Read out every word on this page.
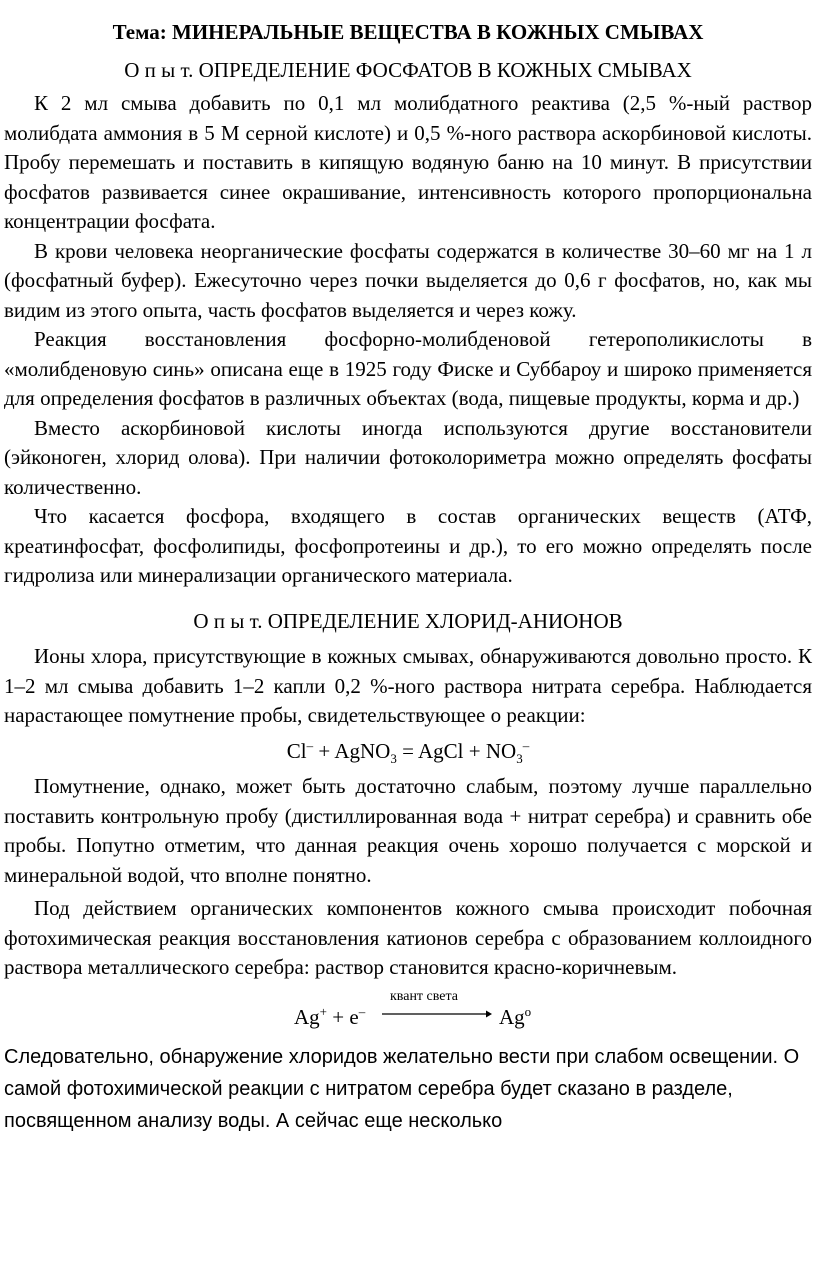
Тема: МИНЕРАЛЬНЫЕ ВЕЩЕСТВА В КОЖНЫХ СМЫВАХ
О п ы т. ОПРЕДЕЛЕНИЕ ФОСФАТОВ В КОЖНЫХ СМЫВАХ

К 2 мл смыва добавить по 0,1 мл молибдатного реактива (2,5 %-ный раствор молибдата аммония в 5 М серной кислоте) и 0,5 %-ного раствора аскорбиновой кислоты. Пробу перемешать и поставить в кипящую водяную баню на 10 минут. В присутствии фосфатов развивается синее окрашивание, интенсивность которого пропорциональна концентрации фосфата.

В крови человека неорганические фосфаты содержатся в количестве 30–60 мг на 1 л (фосфатный буфер). Ежесуточно через почки выделяется до 0,6 г фосфатов, но, как мы видим из этого опыта, часть фосфатов выделяется и через кожу.

Реакция восстановления фосфорно-молибденовой гетерополикислоты в «молибденовую синь» описана еще в 1925 году Фиске и Суббароу и широко применяется для определения фосфатов в различных объектах (вода, пищевые продукты, корма и др.)

Вместо аскорбиновой кислоты иногда используются другие восстановители (эйконоген, хлорид олова). При наличии фотоколориметра можно определять фосфаты количественно.

Что касается фосфора, входящего в состав органических веществ (АТФ, креатинфосфат, фосфолипиды, фосфопротеины и др.), то его можно определять после гидролиза или минерализации органического материала.

О п ы т. ОПРЕДЕЛЕНИЕ ХЛОРИД-АНИОНОВ

Ионы хлора, присутствующие в кожных смывах, обнаруживаются довольно просто. К 1–2 мл смыва добавить 1–2 капли 0,2 %-ного раствора нитрата серебра. Наблюдается нарастающее помутнение пробы, свидетельствующее о реакции:

Cl– + AgNO$_3$ = AgCl + $NO_3^-$

Помутнение, однако, может быть достаточно слабым, поэтому лучше параллельно поставить контрольную пробу (дистиллированная вода + нитрат серебра) и сравнить обе пробы. Попутно отметим, что данная реакция очень хорошо получается с морской и минеральной водой, что вполне понятно.

Под действием органических компонентов кожного смыва происходит побочная фотохимическая реакция восстановления катионов серебра с образованием коллоидного раствора металлического серебра: раствор становится красно-коричневым.

Ag+ + e–
квант света
Ag$^o$

Следовательно, обнаружение хлоридов желательно вести при слабом освещении. О самой фотохимической реакции с нитратом серебра будет сказано в разделе, посвященном анализу воды. А сейчас еще несколько
